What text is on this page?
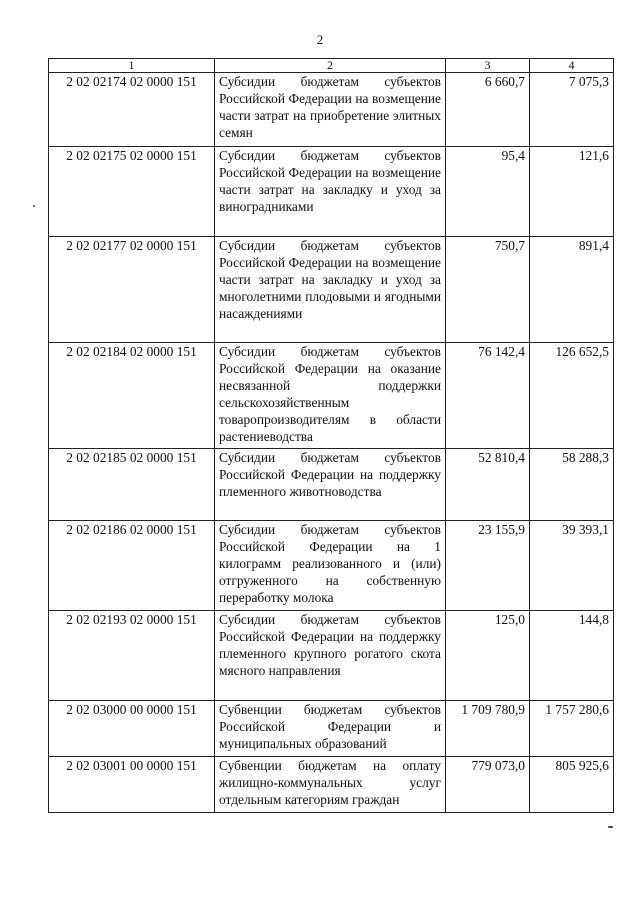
2
1	2	3	4
2 02 02174 02 0000 151	Субсидии бюджетам субъектов Российской Федерации на возмещение части затрат на приобретение элитных семян	6 660,7	7 075,3
2 02 02175 02 0000 151	Субсидии бюджетам субъектов Российской Федерации на возмещение части затрат на закладку и уход за виноградниками	95,4	121,6
2 02 02177 02 0000 151	Субсидии бюджетам субъектов Российской Федерации на возмещение части затрат на закладку и уход за многолетними плодовыми и ягодными насаждениями	750,7	891,4
2 02 02184 02 0000 151	Субсидии бюджетам субъектов Российской Федерации на оказание несвязанной поддержки сельскохозяйственным товаропроизводителям в области растениеводства	76 142,4	126 652,5
2 02 02185 02 0000 151	Субсидии бюджетам субъектов Российской Федерации на поддержку племенного животноводства	52 810,4	58 288,3
2 02 02186 02 0000 151	Субсидии бюджетам субъектов Российской Федерации на 1 килограмм реализованного и (или) отгруженного на собственную переработку молока	23 155,9	39 393,1
2 02 02193 02 0000 151	Субсидии бюджетам субъектов Российской Федерации на поддержку племенного крупного рогатого скота мясного направления	125,0	144,8
2 02 03000 00 0000 151	Субвенции бюджетам субъектов Российской Федерации и муниципальных образований	1 709 780,9	1 757 280,6
2 02 03001 00 0000 151	Субвенции бюджетам на оплату жилищно-коммунальных услуг отдельным категориям граждан	779 073,0	805 925,6
